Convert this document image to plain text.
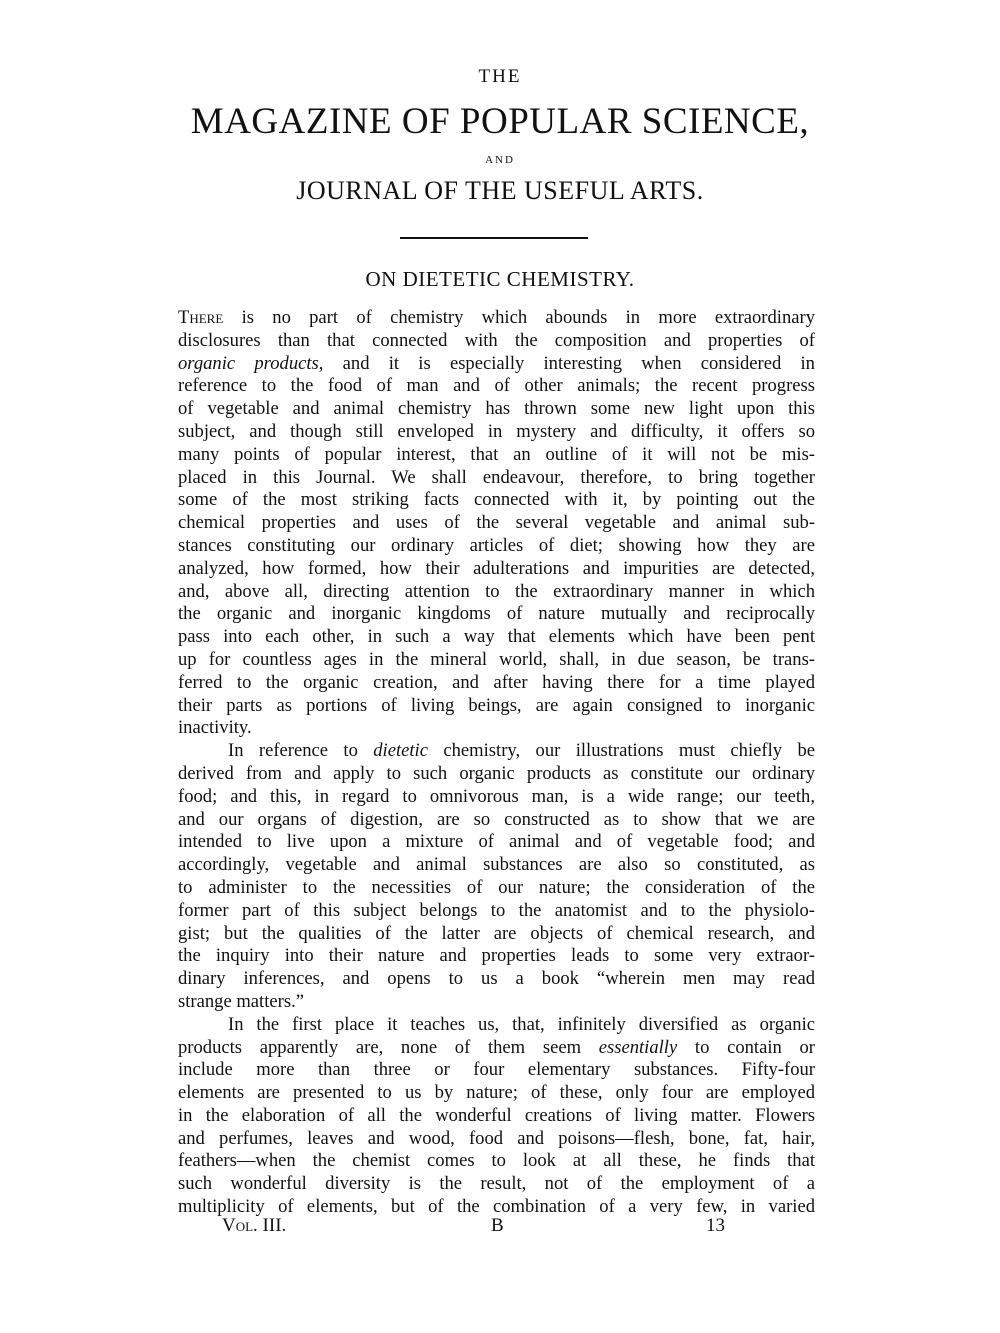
THE
MAGAZINE OF POPULAR SCIENCE,
AND
JOURNAL OF THE USEFUL ARTS.
ON DIETETIC CHEMISTRY.
There is no part of chemistry which abounds in more extraordinary
disclosures than that connected with the composition and properties of
organic products, and it is especially interesting when considered in
reference to the food of man and of other animals; the recent progress
of vegetable and animal chemistry has thrown some new light upon this
subject, and though still enveloped in mystery and difficulty, it offers so
many points of popular interest, that an outline of it will not be mis-
placed in this Journal. We shall endeavour, therefore, to bring together
some of the most striking facts connected with it, by pointing out the
chemical properties and uses of the several vegetable and animal sub-
stances constituting our ordinary articles of diet; showing how they are
analyzed, how formed, how their adulterations and impurities are detected,
and, above all, directing attention to the extraordinary manner in which
the organic and inorganic kingdoms of nature mutually and reciprocally
pass into each other, in such a way that elements which have been pent
up for countless ages in the mineral world, shall, in due season, be trans-
ferred to the organic creation, and after having there for a time played
their parts as portions of living beings, are again consigned to inorganic
inactivity.
In reference to dietetic chemistry, our illustrations must chiefly be
derived from and apply to such organic products as constitute our ordinary
food; and this, in regard to omnivorous man, is a wide range; our teeth,
and our organs of digestion, are so constructed as to show that we are
intended to live upon a mixture of animal and of vegetable food; and
accordingly, vegetable and animal substances are also so constituted, as
to administer to the necessities of our nature; the consideration of the
former part of this subject belongs to the anatomist and to the physiolo-
gist; but the qualities of the latter are objects of chemical research, and
the inquiry into their nature and properties leads to some very extraor-
dinary inferences, and opens to us a book “wherein men may read
strange matters.”
In the first place it teaches us, that, infinitely diversified as organic
products apparently are, none of them seem essentially to contain or
include more than three or four elementary substances. Fifty-four
elements are presented to us by nature; of these, only four are employed
in the elaboration of all the wonderful creations of living matter. Flowers
and perfumes, leaves and wood, food and poisons—flesh, bone, fat, hair,
feathers—when the chemist comes to look at all these, he finds that
such wonderful diversity is the result, not of the employment of a
multiplicity of elements, but of the combination of a very few, in varied
Vol. III.	B	13
